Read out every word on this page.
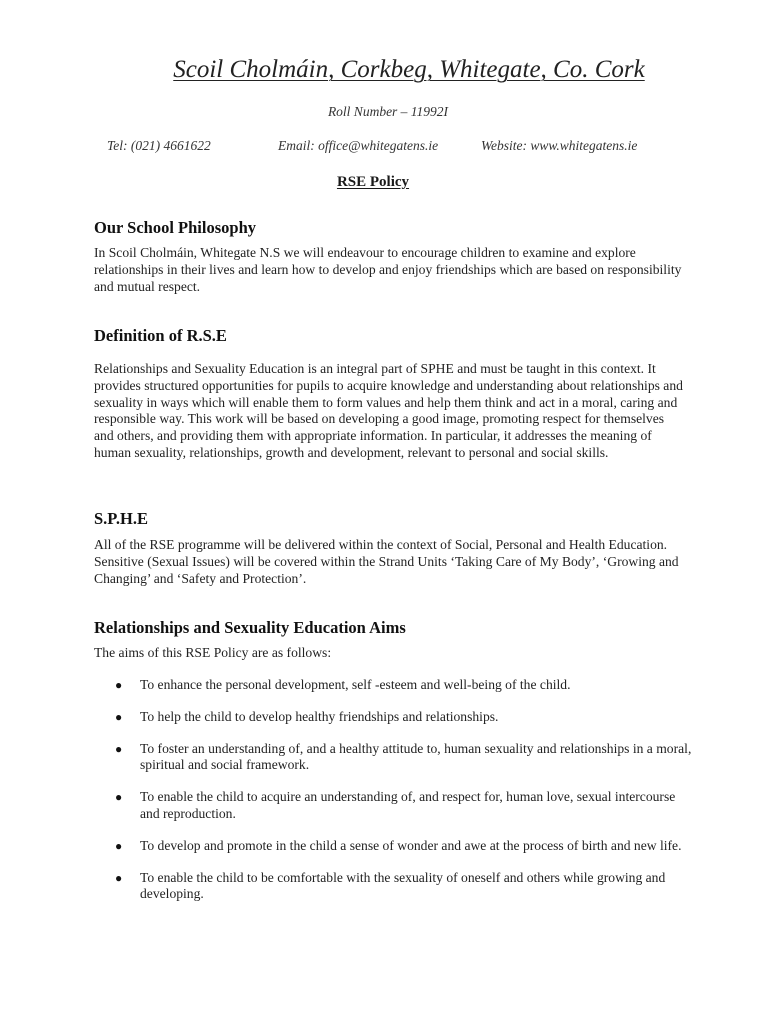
Scoil Cholmáin, Corkbeg, Whitegate, Co. Cork
Roll Number – 11992I
Tel: (021) 4661622	Email: office@whitegatens.ie	Website: www.whitegatens.ie
RSE Policy
Our School Philosophy

In Scoil Cholmáin, Whitegate N.S we will endeavour to encourage children to examine and explore relationships in their lives and learn how to develop and enjoy friendships which are based on responsibility and mutual respect.

Definition of R.S.E

Relationships and Sexuality Education is an integral part of SPHE and must be taught in this context. It provides structured opportunities for pupils to acquire knowledge and understanding about relationships and sexuality in ways which will enable them to form values and help them think and act in a moral, caring and responsible way. This work will be based on developing a good image, promoting respect for themselves and others, and providing them with appropriate information. In particular, it addresses the meaning of human sexuality, relationships, growth and development, relevant to personal and social skills.

S.P.H.E

All of the RSE programme will be delivered within the context of Social, Personal and Health Education. Sensitive (Sexual Issues) will be covered within the Strand Units ‘Taking Care of My Body’, ‘Growing and Changing’ and ‘Safety and Protection’.

Relationships and Sexuality Education Aims

The aims of this RSE Policy are as follows:

● To enhance the personal development, self -esteem and well-being of the child.
● To help the child to develop healthy friendships and relationships.
● To foster an understanding of, and a healthy attitude to, human sexuality and relationships in a moral, spiritual and social framework.
● To enable the child to acquire an understanding of, and respect for, human love, sexual intercourse and reproduction.
● To develop and promote in the child a sense of wonder and awe at the process of birth and new life.
● To enable the child to be comfortable with the sexuality of oneself and others while growing and developing.
